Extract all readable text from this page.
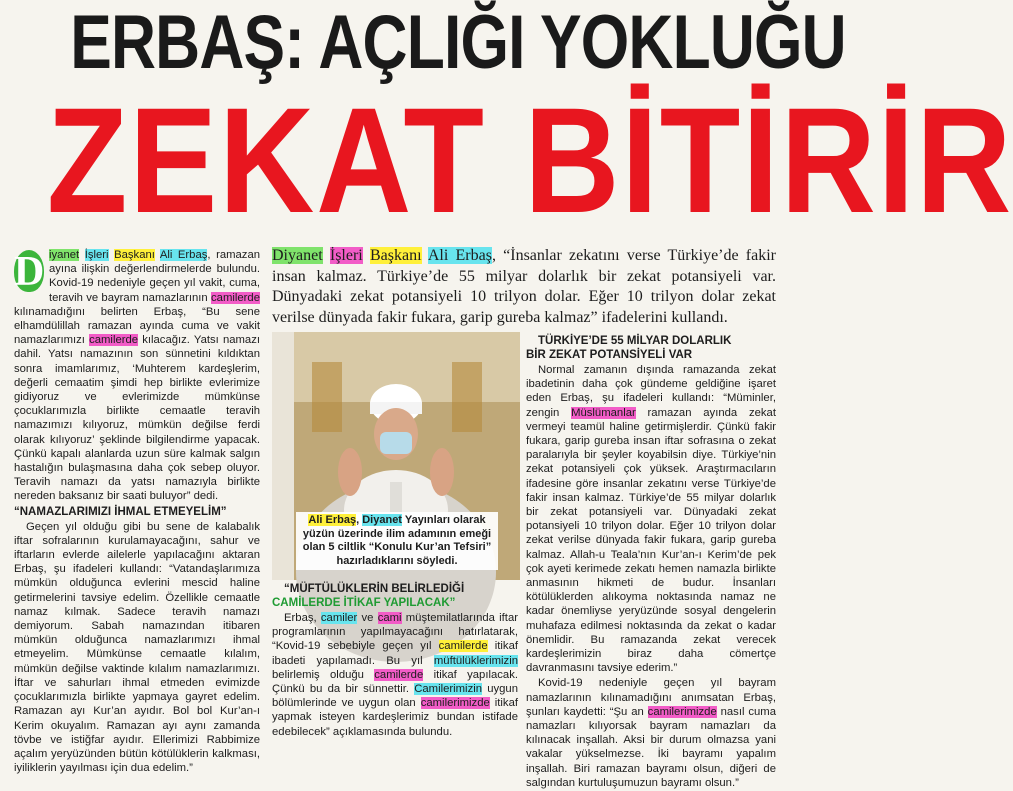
ERBAŞ: AÇLIĞI YOKLUĞU
ZEKAT BİTİRİR

D iyanet İşleri Başkanı Ali Erbaş, ramazan ayına ilişkin değerlendirmelerde bulundu. Kovid-19 nedeniyle geçen yıl vakit, cuma, teravih ve bayram namazlarının camilerde kılınamadığını belirten Erbaş, “Bu sene elhamdülillah ramazan ayında cuma ve vakit namazlarımızı camilerde kılacağız. Yatsı namazı dahil. Yatsı namazının son sünnetini kıldıktan sonra imamlarımız, ‘Muhterem kardeşlerim, değerli cemaatim şimdi hep birlikte evlerimize gidiyoruz ve evlerimizde mümkünse çocuklarımızla birlikte cemaatle teravih namazımızı kılıyoruz, mümkün değilse ferdi olarak kılıyoruz’ şeklinde bilgilendirme yapacak. Çünkü kapalı alanlarda uzun süre kalmak salgın hastalığın bulaşmasına daha çok sebep oluyor. Teravih namazı da yatsı namazıyla birlikte nereden baksanız bir saati buluyor” dedi.

“NAMAZLARIMIZI İHMAL ETMEYELİM”

Geçen yıl olduğu gibi bu sene de kalabalık iftar sofralarının kurulamayacağını, sahur ve iftarların evlerde ailelerle yapılacağını aktaran Erbaş, şu ifadeleri kullandı: “Vatandaşlarımıza mümkün olduğunca evlerini mescid haline getirmelerini tavsiye edelim. Özellikle cemaatle namaz kılmak. Sadece teravih namazı demiyorum. Sabah namazından itibaren mümkün olduğunca namazlarımızı ihmal etmeyelim. Mümkünse cemaatle kılalım, mümkün değilse vaktinde kılalım namazlarımızı. İftar ve sahurları ihmal etmeden evimizde çocuklarımızla birlikte yapmaya gayret edelim. Ramazan ayı Kur’an ayıdır. Bol bol Kur’an-ı Kerim okuyalım. Ramazan ayı aynı zamanda tövbe ve istiğfar ayıdır. Ellerimizi Rabbimize açalım yeryüzünden bütün kötülüklerin kalkması, iyiliklerin yayılması için dua edelim.”

Diyanet İşleri Başkanı Ali Erbaş, “İnsanlar zekatını verse Türkiye’de fakir insan kalmaz. Türkiye’de 55 milyar dolarlık bir zekat potansiyeli var. Dünyadaki zekat potansiyeli 10 trilyon dolar. Eğer 10 trilyon dolar zekat verilse dünyada fakir fukara, garip gureba kalmaz” ifadelerini kullandı.
Ali Erbaş, Diyanet Yayınları olarak yüzün üzerinde ilim adamının emeği olan 5 ciltlik “Konulu Kur’an Tefsiri” hazırladıklarını söyledi.

“MÜFTÜLÜKLERİN BELİRLEDİĞİ
CAMİLERDE İTİKAF YAPILACAK”

Erbaş, camiler ve cami müştemilatlarında iftar programlarının yapılmayacağını hatırlatarak, “Kovid-19 sebebiyle geçen yıl camilerde itikaf ibadeti yapılamadı. Bu yıl müftülüklerimizin belirlemiş olduğu camilerde itikaf yapılacak. Çünkü bu da bir sünnettir. Camilerimizin uygun bölümlerinde ve uygun olan camilerimizde itikaf yapmak isteyen kardeşlerimiz bundan istifade edebilecek” açıklamasında bulundu.

TÜRKİYE’DE 55 MİLYAR DOLARLIK
BİR ZEKAT POTANSİYELİ VAR

Normal zamanın dışında ramazanda zekat ibadetinin daha çok gündeme geldiğine işaret eden Erbaş, şu ifadeleri kullandı: “Müminler, zengin Müslümanlar ramazan ayında zekat vermeyi teamül haline getirmişlerdir. Çünkü fakir fukara, garip gureba insan iftar sofrasına o zekat paralarıyla bir şeyler koyabilsin diye. Türkiye’nin zekat potansiyeli çok yüksek. Araştırmacıların ifadesine göre insanlar zekatını verse Türkiye’de fakir insan kalmaz. Türkiye’de 55 milyar dolarlık bir zekat potansiyeli var. Dünyadaki zekat potansiyeli 10 trilyon dolar. Eğer 10 trilyon dolar zekat verilse dünyada fakir fukara, garip gureba kalmaz. Allah-u Teala’nın Kur’an-ı Kerim’de pek çok ayeti kerimede zekatı hemen namazla birlikte anmasının hikmeti de budur. İnsanları kötülüklerden alıkoyma noktasında namaz ne kadar önemliyse yeryüzünde sosyal dengelerin muhafaza edilmesi noktasında da zekat o kadar önemlidir. Bu ramazanda zekat verecek kardeşlerimizin biraz daha cömertçe davranmasını tavsiye ederim.”

Kovid-19 nedeniyle geçen yıl bayram namazlarının kılınamadığını anımsatan Erbaş, şunları kaydetti: “Şu an camilerimizde nasıl cuma namazları kılıyorsak bayram namazları da kılınacak inşallah. Aksi bir durum olmazsa yani vakalar yükselmezse. İki bayramı yapalım inşallah. Biri ramazan bayramı olsun, diğeri de salgından kurtuluşumuzun bayramı olsun.”
